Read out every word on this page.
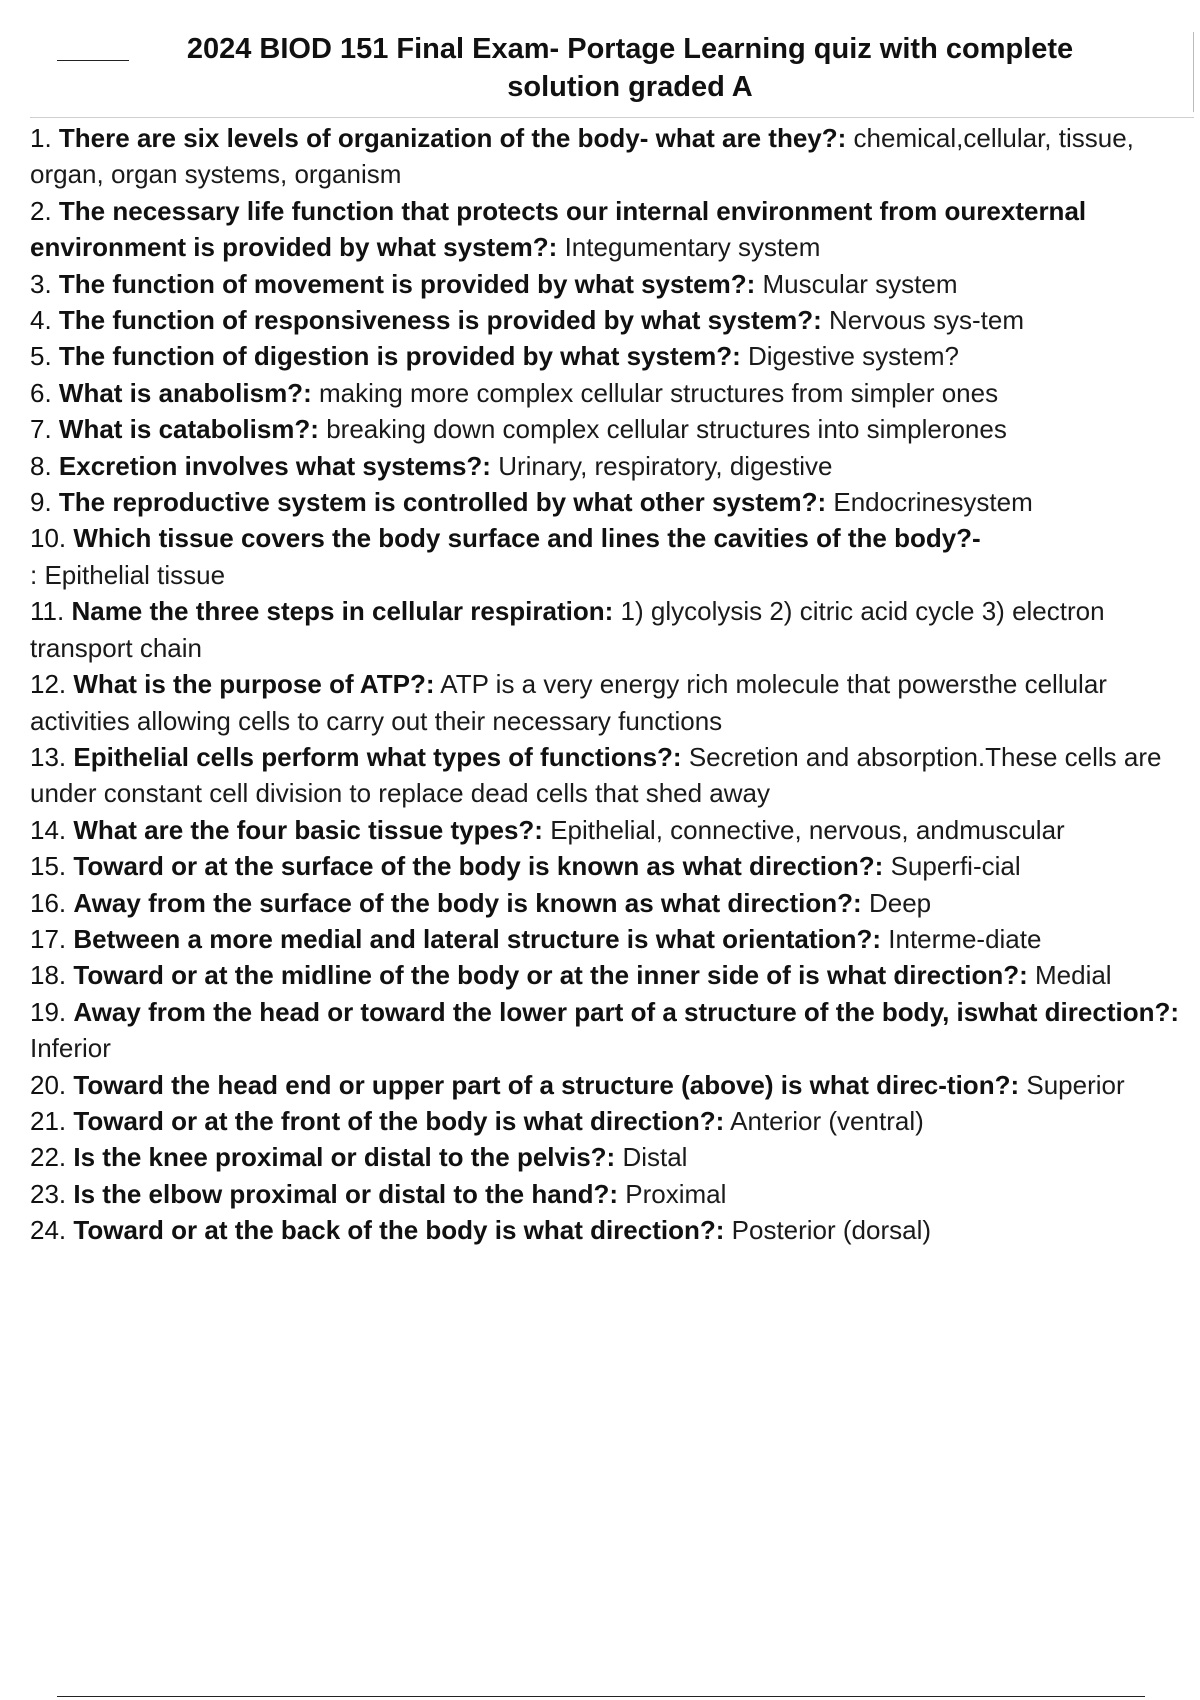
2024 BIOD 151 Final Exam- Portage Learning quiz with complete

solution graded A

1. There are six levels of organization of the body- what are they?: chemical,cellular, tissue, organ, organ systems, organism
2. The necessary life function that protects our internal environment from ourexternal environment is provided by what system?: Integumentary system
3. The function of movement is provided by what system?: Muscular system
4. The function of responsiveness is provided by what system?: Nervous sys-tem
5. The function of digestion is provided by what system?: Digestive system?
6. What is anabolism?: making more complex cellular structures from simpler ones
7. What is catabolism?: breaking down complex cellular structures into simplerones
8. Excretion involves what systems?: Urinary, respiratory, digestive
9. The reproductive system is controlled by what other system?: Endocrinesystem
10. Which tissue covers the body surface and lines the cavities of the body?-
: Epithelial tissue
11. Name the three steps in cellular respiration: 1) glycolysis 2) citric acid cycle 3) electron transport chain
12. What is the purpose of ATP?: ATP is a very energy rich molecule that powersthe cellular activities allowing cells to carry out their necessary functions
13. Epithelial cells perform what types of functions?: Secretion and absorption.These cells are under constant cell division to replace dead cells that shed away
14. What are the four basic tissue types?: Epithelial, connective, nervous, andmuscular
15. Toward or at the surface of the body is known as what direction?: Superfi-cial
16. Away from the surface of the body is known as what direction?: Deep
17. Between a more medial and lateral structure is what orientation?: Interme-diate
18. Toward or at the midline of the body or at the inner side of is what direction?: Medial
19. Away from the head or toward the lower part of a structure of the body, iswhat direction?: Inferior
20. Toward the head end or upper part of a structure (above) is what direc-tion?: Superior
21. Toward or at the front of the body is what direction?: Anterior (ventral)
22. Is the knee proximal or distal to the pelvis?: Distal
23. Is the elbow proximal or distal to the hand?: Proximal
24. Toward or at the back of the body is what direction?: Posterior (dorsal)
